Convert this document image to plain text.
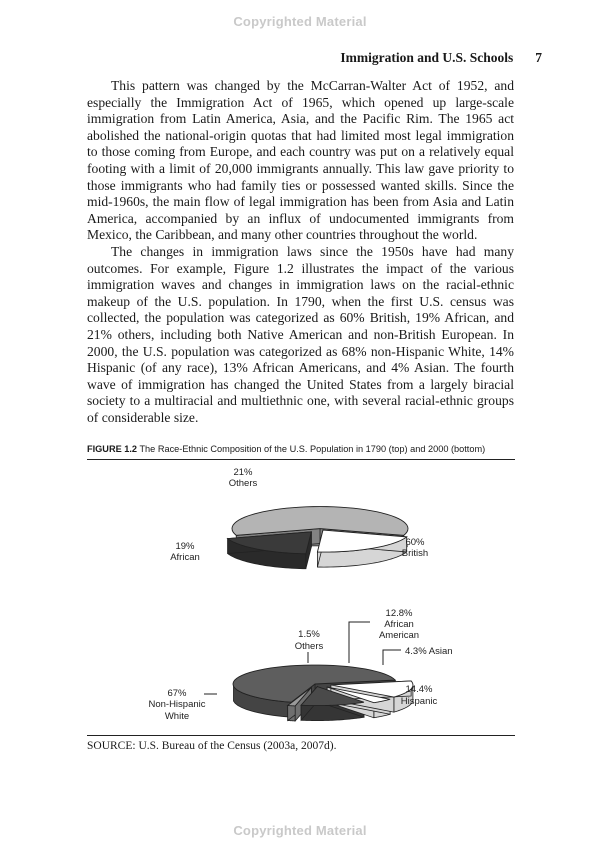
Copyrighted Material
Immigration and U.S. Schools 7

This pattern was changed by the McCarran-Walter Act of 1952, and especially the Immigration Act of 1965, which opened up large-scale immigration from Latin America, Asia, and the Pacific Rim. The 1965 act abolished the national-origin quotas that had limited most legal immigration to those coming from Europe, and each country was put on a relatively equal footing with a limit of 20,000 immigrants annually. This law gave priority to those immigrants who had family ties or possessed wanted skills. Since the mid-1960s, the main flow of legal immigration has been from Asia and Latin America, accompanied by an influx of undocumented immigrants from Mexico, the Caribbean, and many other countries throughout the world.

The changes in immigration laws since the 1950s have had many outcomes. For example, Figure 1.2 illustrates the impact of the various immigration waves and changes in immigration laws on the racial-ethnic makeup of the U.S. population. In 1790, when the first U.S. census was collected, the population was categorized as 60% British, 19% African, and 21% others, including both Native American and non-British European. In 2000, the U.S. population was categorized as 68% non-Hispanic White, 14% Hispanic (of any race), 13% African Americans, and 4% Asian. The fourth wave of immigration has changed the United States from a largely biracial society to a multiracial and multiethnic one, with several racial-ethnic groups of considerable size.

FIGURE 1.2 The Race-Ethnic Composition of the U.S. Population in 1790 (top) and 2000 (bottom)
21%
Others
19%
African
60%
British
12.8%
African
American
1.5%
Others	4.3% Asian
67%
Non-Hispanic
White
14.4%
Hispanic
SOURCE: U.S. Bureau of the Census (2003a, 2007d).
Copyrighted Material
